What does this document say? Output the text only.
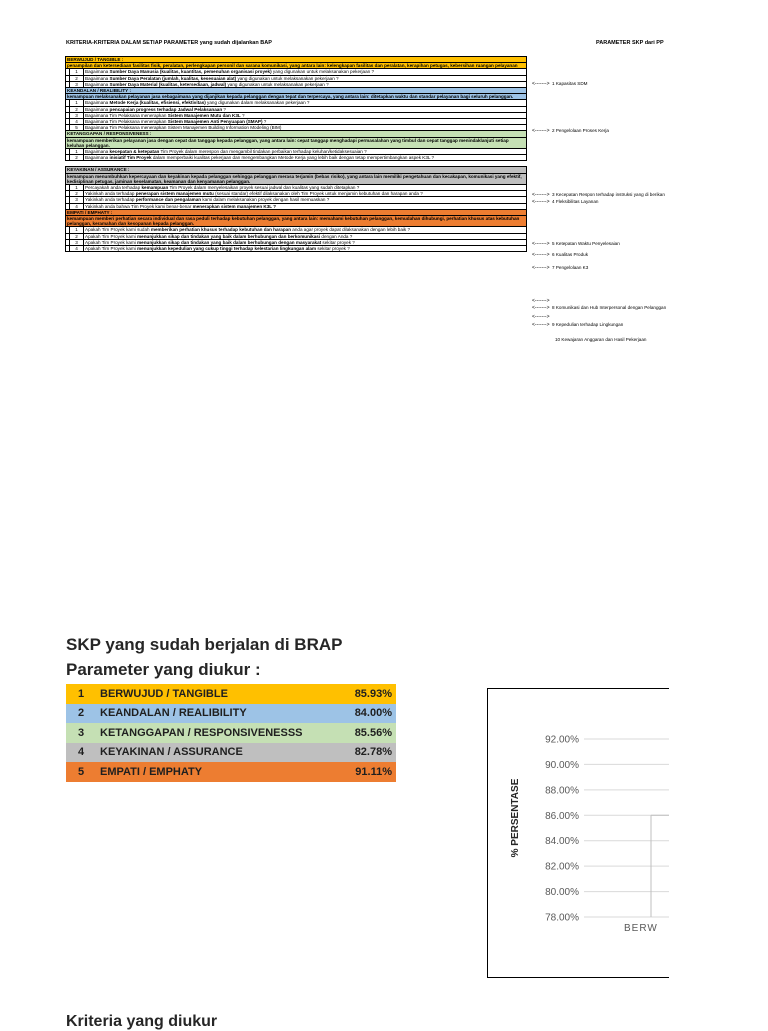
KRITERIA-KRITERIA DALAM SETIAP PARAMETER yang sudah dijalankan BAP	PARAMETER SKP dari PP
BERWUJUD / TANGIBLE :		
penampilan dan ketersediaan fasilitas fisik, peralatan, perlengkapan personil dan sarana komunikasi, yang antara lain: kelengkapan fasilitas dan peralatan, kerapihan petugas, kebersihan ruangan pelayanan		
	1	Bagaimana Sumber Daya Manusia (kualitas, kuantitas, pemenuhan organisasi proyek) yang digunakan untuk melaksanakan pekerjaan ?
	2	Bagaimana Sumber Daya Peralatan (jumlah, kualitas, kesesuaian alat) yang digunakan untuk melaksanakan pekerjaan ?
	3	Bagaimana Sumber Daya Material (kualitas, ketersediaan, jadwal) yang digunakan untuk melaksanakan pekerjaan ?
KEANDALAN / REALIBILITY :		
kemampuan melaksanakan pelayanan jasa sebagaimana yang dijanjikan kepada pelanggan dengan tepat dan terpercaya, yang antara lain: ditetapkan waktu dan standar pelayanan bagi seluruh pelanggan.		
	1	Bagaimana Metode Kerja (kualitas, efisiensi, efektivitas) yang digunakan dalam melaksanakan pekerjaan ?
	2	Bagaimana pencapaian progress terhadap Jadwal Pelaksanaan ?
	3	Bagaimana Tim Pelaksana menerapkan Sistem Manajemen Mutu dan K3L ?
	4	Bagaimana Tim Pelaksana menerapkan Sistem Manajemen Anti Penyuapan (SMAP) ?
	5	Bagaimana Tim Pelaksana menerapkan Sistem Manajemen Building Information Modeling (BIM)
KETANGGAPAN / RESPONSIVENESS :		
kemampuan memberikan pelayanan jasa dengan cepat dan tanggap kepada pelanggan, yang antara lain: cepat tanggap menghadapi permasalahan yang timbul dan cepat tanggap menindaklanjuti setiap keluhan pelanggan.		
	1	Bagaimana kecepatan & ketepatan Tim Proyek dalam merespon dan mengambil tindakan perbaikan terhadap keluhan/ketidaksesuaian ?
	2	Bagaimana inisiatif Tim Proyek dalam memperbaiki kualitas pekerjaan dan mengembangkan Metode Kerja yang lebih baik dengan tetap mempertimbangkan aspek K3L ?

KEYAKINAN / ASSURANCE :		
kemampuan menumbuhkan kepercayaan dan keyakinan kepada pelanggan sehingga pelanggan merasa terjamin (bebas risiko), yang antara lain memiliki pengetahuan dan kecakapan, komunikasi yang efektif, kedisiplinan petugas, jaminan keselamatan, keamanan dan kenyamanan pelanggan.		
	1	Percayakah anda terhadap kemampuan Tim Proyek dalam menyelesaikan proyek sesuai jadwal dan kualitas yang sudah ditetapkan ?
	2	Yakinkah anda terhadap penerapan sistem manajemen mutu (sesuai standar) efektif dilaksanakan oleh Tim Proyek untuk menjamin kebutuhan dan harapan anda ?
	3	Yakinkah anda terhadap performance dan pengalaman kami dalam melaksanakan proyek dengan hasil memuaskan ?
	4	Yakinkah anda bahwa Tim Proyek kami benar-benar menerapkan sistem manajemen K3L ?
EMPATI / EMPHATY :		
kemampuan memberi perhatian secara individual dan rasa peduli terhadap kebutuhan pelanggan, yang antara lain: memahami kebutuhan pelanggan, kemudahan dihubungi, perhatian khusus atas kebutuhan pelanggan, keramahan dan kesopanan kepada pelanggan.		
	1	Apakah Tim Proyek kami sudah memberikan perhatian khusus terhadap kebutuhan dan harapan anda agar proyek dapat dilaksanakan dengan lebih baik ?
	2	Apakah Tim Proyek kami menunjukkan sikap dan tindakan yang baik dalam berhubungan dan berkomunikasi dengan Anda ?
	3	Apakah Tim Proyek kami menunjukkan sikap dan tindakan yang baik dalam berhubungan dengan masyarakat sekitar proyek ?
	4	Apakah Tim Proyek kami menunjukkan kepedulian yang cukup tinggi terhadap kelestarian lingkungan alam sekitar proyek ?
<-------> 1 Kapasitas SDM
<-------> 2 Pengelolaan Proses Kerja
<-------> 3 Kecepatan Respon terhadap instruksi yang di berikan
<-------> 4 Fleksibilitas Layanan
<-------> 5 Ketepatan Waktu Penyelesaian
<-------> 6 Kualitas Produk
<-------> 7 Pengelolaan K3
<-------> 8 Komunikasi dan Hub Interpersonal dengan Pelanggan
<-------> 9 Kepedulian terhadap Lingkungan
10 Kewajaran Anggaran dan Hasil Pekerjaan
<------->
<------->
SKP yang sudah berjalan di BRAP
Parameter yang diukur :
1	BERWUJUD / TANGIBLE	85.93%
2	KEANDALAN / REALIBILITY	84.00%
3	KETANGGAPAN / RESPONSIVENESSS	85.56%
4	KEYAKINAN / ASSURANCE	82.78%
5	EMPATI / EMPHATY	91.11%
92.00%
90.00%
88.00%
86.00%
84.00%
82.00%
80.00%
78.00%
BERW
% PERSENTASE
Kriteria yang diukur
